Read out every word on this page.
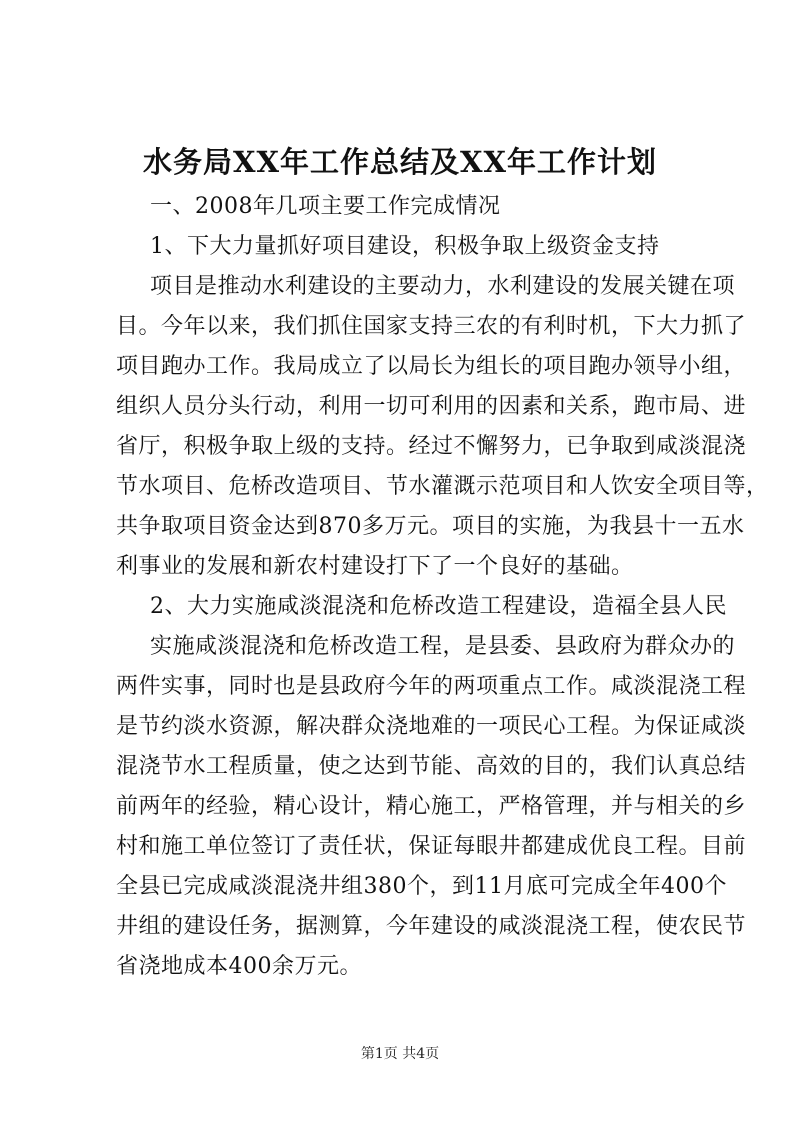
水务局XX年工作总结及XX年工作计划
一、2008年几项主要工作完成情况
1、下大力量抓好项目建设，积极争取上级资金支持
项目是推动水利建设的主要动力，水利建设的发展关键在项
目。今年以来，我们抓住国家支持三农的有利时机，下大力抓了
项目跑办工作。我局成立了以局长为组长的项目跑办领导小组，
组织人员分头行动，利用一切可利用的因素和关系，跑市局、进
省厅，积极争取上级的支持。经过不懈努力，已争取到咸淡混浇
节水项目、危桥改造项目、节水灌溉示范项目和人饮安全项目等，
共争取项目资金达到870多万元。项目的实施，为我县十一五水
利事业的发展和新农村建设打下了一个良好的基础。
2、大力实施咸淡混浇和危桥改造工程建设，造福全县人民
实施咸淡混浇和危桥改造工程，是县委、县政府为群众办的
两件实事，同时也是县政府今年的两项重点工作。咸淡混浇工程
是节约淡水资源，解决群众浇地难的一项民心工程。为保证咸淡
混浇节水工程质量，使之达到节能、高效的目的，我们认真总结
前两年的经验，精心设计，精心施工，严格管理，并与相关的乡
村和施工单位签订了责任状，保证每眼井都建成优良工程。目前
全县已完成咸淡混浇井组380个，到11月底可完成全年400个
井组的建设任务，据测算，今年建设的咸淡混浇工程，使农民节
省浇地成本400余万元。
第1页 共4页
